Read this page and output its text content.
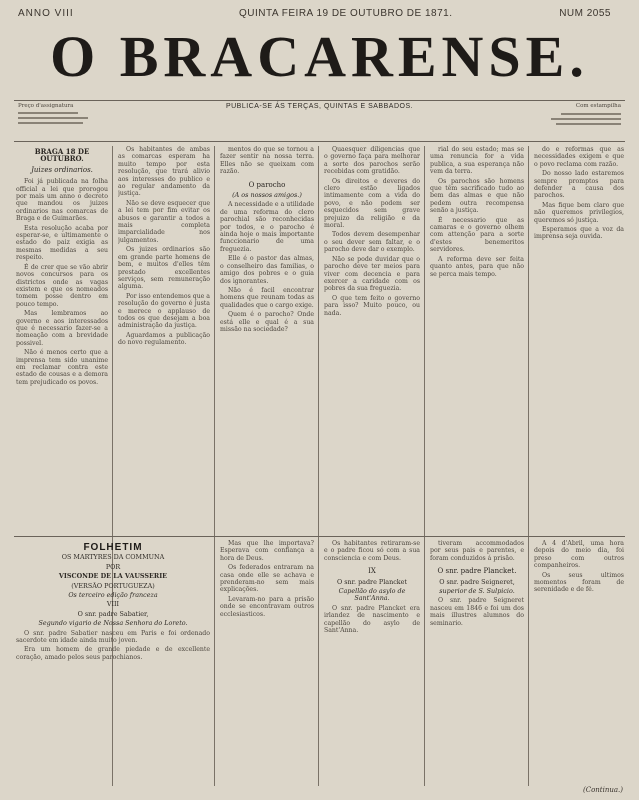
ANNO VIII	QUINTA FEIRA 19 DE OUTUBRO DE 1871.	NUM 2055
O BRACARENSE.
Preço d'assignatura	PUBLICA-SE ÁS TERÇAS, QUINTAS E SABBADOS.	Com estampilha
BRAGA 18 DE OUTUBRO.
Juizes ordinarios.

Foi já publicada na folha official a lei que prorogou por mais um anno o decreto que mandou os juizes ordinarios nas comarcas de Braga e de Guimarães.

Esta resolução acaba por esperar-se, e ultimamente o estado do paiz exigia as mesmas medidas a seu respeito.

É de crer que se vão abrir novos concursos para os districtos onde as vagas existem e que os nomeados tomem posse dentro em pouco tempo.

Mas lembramos ao governo e aos interessados que é necessario fazer-se a nomeação com a brevidade possivel.

Não é menos certo que a imprensa tem sido unanime em reclamar contra este estado de cousas e a demora tem prejudicado os povos.

Os habitantes de ambas as comarcas esperam ha muito tempo por esta resolução, que trará alivio aos interesses do publico e ao regular andamento da justiça.

Não se deve esquecer que a lei tem por fim evitar os abusos e garantir a todos a mais completa imparcialidade nos julgamentos.

Os juizes ordinarios são em grande parte homens de bem, e muitos d'elles têm prestado excellentes serviços, sem remuneração alguma.

Por isso entendemos que a resolução do governo é justa e merece o applauso de todos os que desejam a boa administração da justiça.

Aguardamos a publicação do novo regulamento.

mentos do que se tornou a fazer sentir na nossa terra. Elles não se queixam com razão.

O parocho
(A os nossos amigos.)

A necessidade e a utilidade de uma reforma do clero parochial são reconhecidas por todos, e o parocho é ainda hoje o mais importante funccionario de uma freguezia.

Elle é o pastor das almas, o conselheiro das familias, o amigo dos pobres e o guia dos ignorantes.

Não é facil encontrar homens que reunam todas as qualidades que o cargo exige.

Quem é o parocho? Onde está elle e qual é a sua missão na sociedade?

Quaesquer diligencias que o governo faça para melhorar a sorte dos parochos serão recebidas com gratidão.

Os direitos e deveres do clero estão ligados intimamente com a vida do povo, e não podem ser esquecidos sem grave prejuizo da religião e da moral.

Todos devem desempenhar o seu dever sem faltar, e o parocho deve dar o exemplo.

Não se pode duvidar que o parocho deve ter meios para viver com decencia e para exercer a caridade com os pobres da sua freguezia.

O que tem feito o governo para isso? Muito pouco, ou nada.

rial do seu estado; mas se uma renuncia for a vida publica, a sua esperança não vem da terra.

Os parochos são homens que têm sacrificado tudo ao bem das almas e que não pedem outra recompensa senão a justiça.

É necessario que as camaras e o governo olhem com attenção para a sorte d'estes benemeritos servidores.

A reforma deve ser feita quanto antes, para que não se perca mais tempo.

do e reformas que as necessidades exigem e que o povo reclama com razão.

Do nosso lado estaremos sempre promptos para defender a causa dos parochos.

Mas fique bem claro que não queremos privilegios, queremos só justiça.

Esperamos que a voz da imprensa seja ouvida.

FOLHETIM
OS MARTYRES DA COMMUNA
POR
VISCONDE DE LA VAUSSERIE
(VERSÃO PORTUGUEZA)
Os terceiro edição franceza
VIII
O snr. padre Sabatier,
Segundo vigario de Nossa Senhora do Loreto.

O snr. padre Sabatier nasceu em Paris e foi ordenado sacerdote em idade ainda muito joven.

Era um homem de grande piedade e de excellente coração, amado pelos seus parochianos.

Mas que lhe importava? Esperava com confiança a hora de Deus.

Os federados entraram na casa onde elle se achava e prenderam-no sem mais explicações.

Levaram-no para a prisão onde se encontravam outros ecclesiasticos.

Os habitantes retiraram-se e o padre ficou só com a sua consciencia e com Deus.

IX
O snr. padre Plancket
Capellão do asylo de Sant'Anna.

O snr. padre Plancket era irlandez de nascimento e capellão do asylo de Sant'Anna.

tiveram accommodados por seus pais e parentes, e foram conduzidos á prisão.

O snr. padre Plancket.
O snr. padre Seigneret,
superior de S. Sulpicio.

O snr. padre Seigneret nasceu em 1846 e foi um dos mais illustres alumnos do seminario.

A 4 d'Abril, uma hora depois do meio dia, foi preso com outros companheiros.

Os seus ultimos momentos foram de serenidade e de fé.

(Continua.)
